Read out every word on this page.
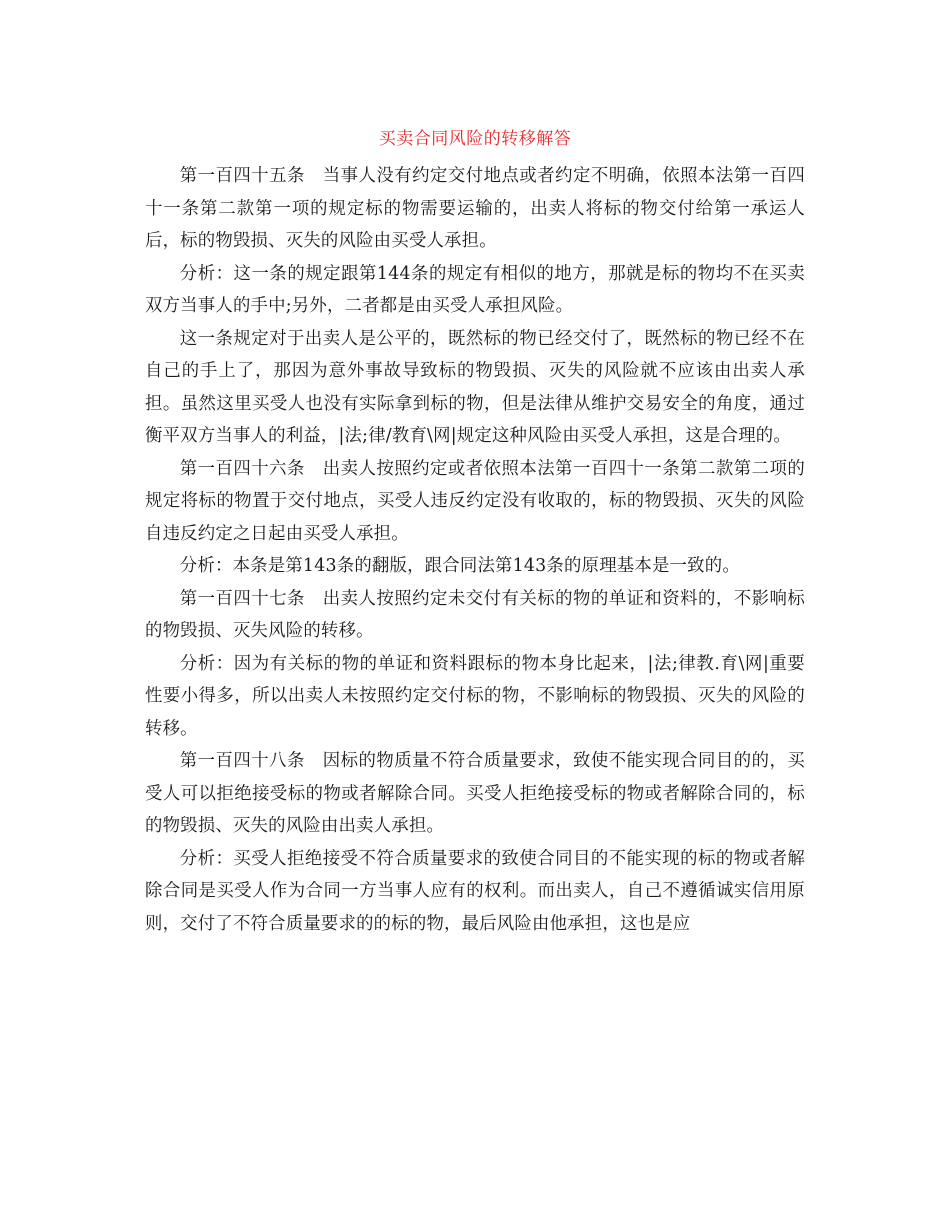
买卖合同风险的转移解答

第一百四十五条　当事人没有约定交付地点或者约定不明确，依照本法第一百四十一条第二款第一项的规定标的物需要运输的，出卖人将标的物交付给第一承运人后，标的物毁损、灭失的风险由买受人承担。

分析：这一条的规定跟第144条的规定有相似的地方，那就是标的物均不在买卖双方当事人的手中;另外，二者都是由买受人承担风险。

这一条规定对于出卖人是公平的，既然标的物已经交付了，既然标的物已经不在自己的手上了，那因为意外事故导致标的物毁损、灭失的风险就不应该由出卖人承担。虽然这里买受人也没有实际拿到标的物，但是法律从维护交易安全的角度，通过衡平双方当事人的利益，|法;律/教育\网|规定这种风险由买受人承担，这是合理的。

第一百四十六条　出卖人按照约定或者依照本法第一百四十一条第二款第二项的规定将标的物置于交付地点，买受人违反约定没有收取的，标的物毁损、灭失的风险自违反约定之日起由买受人承担。

分析：本条是第143条的翻版，跟合同法第143条的原理基本是一致的。

第一百四十七条　出卖人按照约定未交付有关标的物的单证和资料的，不影响标的物毁损、灭失风险的转移。

分析：因为有关标的物的单证和资料跟标的物本身比起来，|法;律教.育\网|重要性要小得多，所以出卖人未按照约定交付标的物，不影响标的物毁损、灭失的风险的转移。

第一百四十八条　因标的物质量不符合质量要求，致使不能实现合同目的的，买受人可以拒绝接受标的物或者解除合同。买受人拒绝接受标的物或者解除合同的，标的物毁损、灭失的风险由出卖人承担。

分析：买受人拒绝接受不符合质量要求的致使合同目的不能实现的标的物或者解除合同是买受人作为合同一方当事人应有的权利。而出卖人，自己不遵循诚实信用原则，交付了不符合质量要求的的标的物，最后风险由他承担，这也是应
